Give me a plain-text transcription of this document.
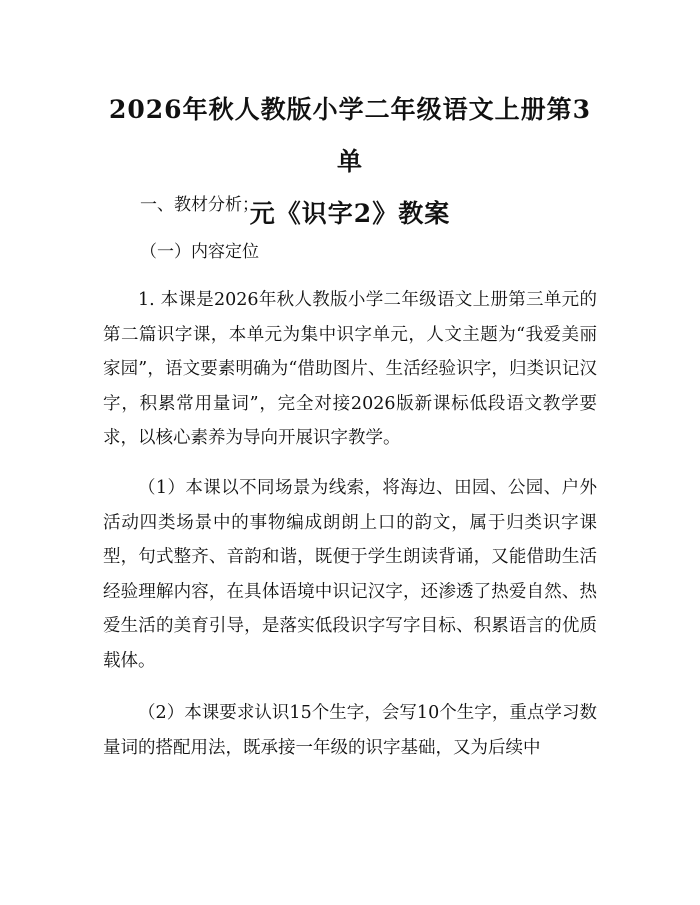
2026年秋人教版小学二年级语文上册第3单
元《识字2》教案

一、教材分析；

（一）内容定位

1. 本课是2026年秋人教版小学二年级语文上册第三单元的第二篇识字课，本单元为集中识字单元，人文主题为“我爱美丽家园”，语文要素明确为“借助图片、生活经验识字，归类识记汉字，积累常用量词”，完全对接2026版新课标低段语文教学要求，以核心素养为导向开展识字教学。

（1）本课以不同场景为线索，将海边、田园、公园、户外活动四类场景中的事物编成朗朗上口的韵文，属于归类识字课型，句式整齐、音韵和谐，既便于学生朗读背诵，又能借助生活经验理解内容，在具体语境中识记汉字，还渗透了热爱自然、热爱生活的美育引导，是落实低段识字写字目标、积累语言的优质载体。

（2）本课要求认识15个生字，会写10个生字，重点学习数量词的搭配用法，既承接一年级的识字基础，又为后续中
